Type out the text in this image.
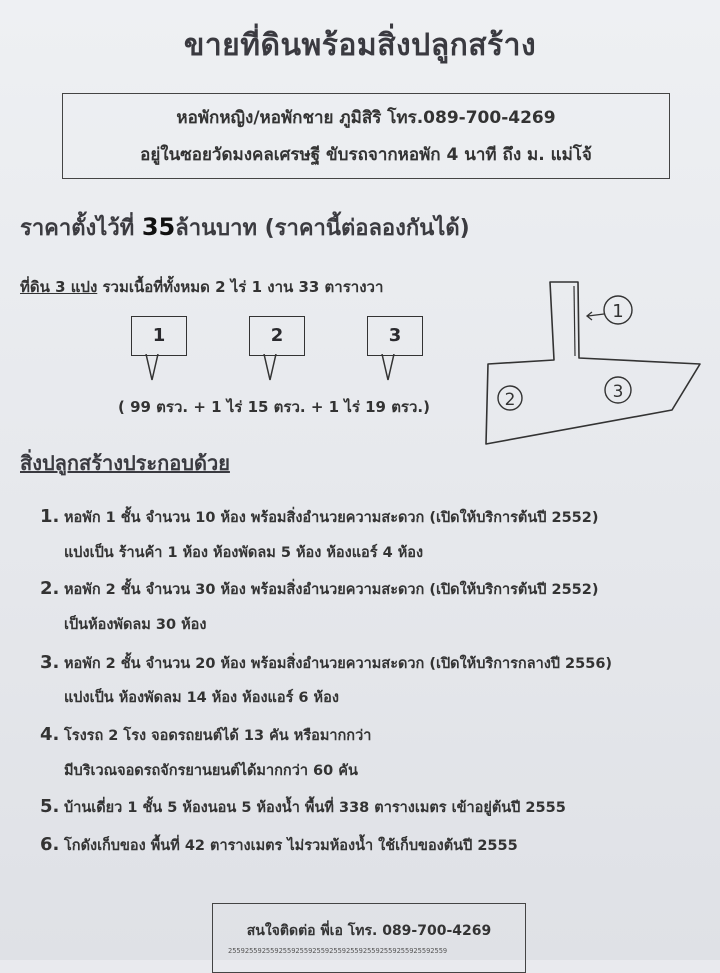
ขายที่ดินพร้อมสิ่งปลูกสร้าง
หอพักหญิง/หอพักชาย ภูมิสิริ โทร.089-700-4269
อยู่ในซอยวัดมงคลเศรษฐี ขับรถจากหอพัก 4 นาที ถึง ม. แม่โจ้
ราคาตั้งไว้ที่ 35ล้านบาท (ราคานี้ต่อลองกันได้)
ที่ดิน 3 แปง รวมเนื้อที่ทั้งหมด 2 ไร่ 1 งาน 33 ตารางวา
1	2	3
( 99 ตรว. + 1 ไร่ 15 ตรว. + 1 ไร่ 19 ตรว.)
1
2	3
สิ่งปลูกสร้างประกอบด้วย
1. หอพัก 1 ชั้น จำนวน 10 ห้อง พร้อมสิ่งอำนวยความสะดวก (เปิดให้บริการต้นปี 2552)
แบ่งเป็น ร้านค้า 1 ห้อง ห้องพัดลม 5 ห้อง ห้องแอร์ 4 ห้อง
2. หอพัก 2 ชั้น จำนวน 30 ห้อง พร้อมสิ่งอำนวยความสะดวก (เปิดให้บริการต้นปี 2552)
เป็นห้องพัดลม 30 ห้อง
3. หอพัก 2 ชั้น จำนวน 20 ห้อง พร้อมสิ่งอำนวยความสะดวก (เปิดให้บริการกลางปี 2556)
แบ่งเป็น ห้องพัดลม 14 ห้อง ห้องแอร์ 6 ห้อง
4. โรงรถ 2 โรง จอดรถยนต์ได้ 13 คัน หรือมากกว่า
มีบริเวณจอดรถจักรยานยนต์ได้มากกว่า 60 คัน
5. บ้านเดี่ยว 1 ชั้น 5 ห้องนอน 5 ห้องน้ำ พื้นที่ 338 ตารางเมตร เข้าอยู่ต้นปี 2555
6. โกดังเก็บของ พื้นที่ 42 ตารางเมตร ไม่รวมห้องน้ำ ใช้เก็บของต้นปี 2555
สนใจติดต่อ พี่เอ โทร. 089-700-4269
2559255925592559255925592559255925592559255925592559
